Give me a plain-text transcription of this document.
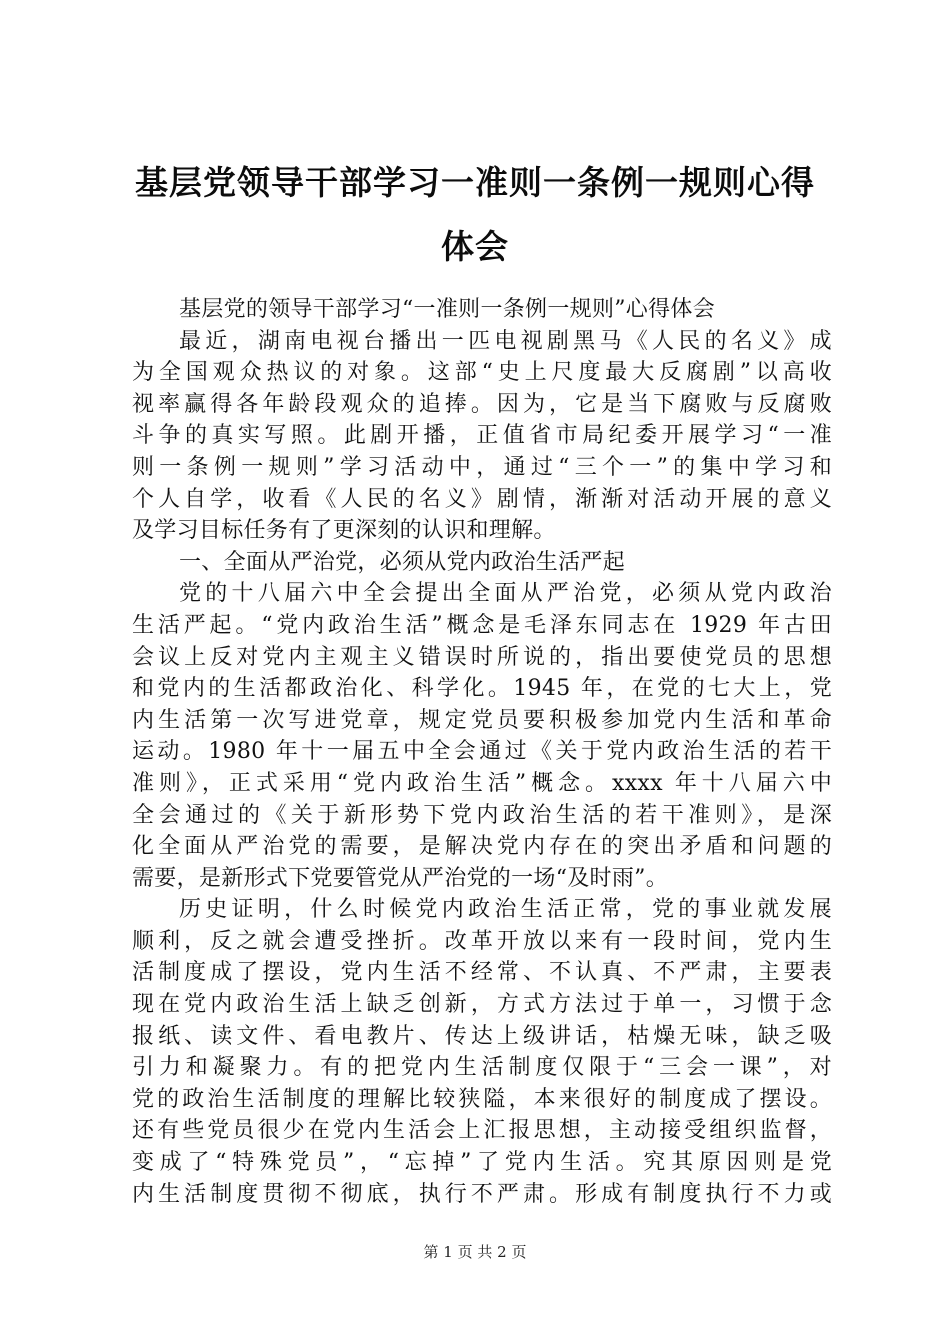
基层党领导干部学习一准则一条例一规则心得
体会
基层党的领导干部学习“一准则一条例一规则”心得体会
最近，湖南电视台播出一匹电视剧黑马《人民的名义》成
为全国观众热议的对象。这部“史上尺度最大反腐剧”以高收
视率赢得各年龄段观众的追捧。因为，它是当下腐败与反腐败
斗争的真实写照。此剧开播，正值省市局纪委开展学习“一准
则一条例一规则”学习活动中，通过“三个一”的集中学习和
个人自学，收看《人民的名义》剧情，渐渐对活动开展的意义
及学习目标任务有了更深刻的认识和理解。
一、全面从严治党，必须从党内政治生活严起
党的十八届六中全会提出全面从严治党，必须从党内政治
生活严起。“党内政治生活”概念是毛泽东同志在 1929 年古田
会议上反对党内主观主义错误时所说的，指出要使党员的思想
和党内的生活都政治化、科学化。1945 年，在党的七大上，党
内生活第一次写进党章，规定党员要积极参加党内生活和革命
运动。1980 年十一届五中全会通过《关于党内政治生活的若干
准则》，正式采用“党内政治生活”概念。xxxx 年十八届六中
全会通过的《关于新形势下党内政治生活的若干准则》，是深
化全面从严治党的需要，是解决党内存在的突出矛盾和问题的
需要，是新形式下党要管党从严治党的一场“及时雨”。
历史证明，什么时候党内政治生活正常，党的事业就发展
顺利，反之就会遭受挫折。改革开放以来有一段时间，党内生
活制度成了摆设，党内生活不经常、不认真、不严肃，主要表
现在党内政治生活上缺乏创新，方式方法过于单一，习惯于念
报纸、读文件、看电教片、传达上级讲话，枯燥无味，缺乏吸
引力和凝聚力。有的把党内生活制度仅限于“三会一课”，对
党的政治生活制度的理解比较狭隘，本来很好的制度成了摆设。
还有些党员很少在党内生活会上汇报思想，主动接受组织监督，
变成了“特殊党员”，“忘掉”了党内生活。究其原因则是党
内生活制度贯彻不彻底，执行不严肃。形成有制度执行不力或
第 1 页 共 2 页
